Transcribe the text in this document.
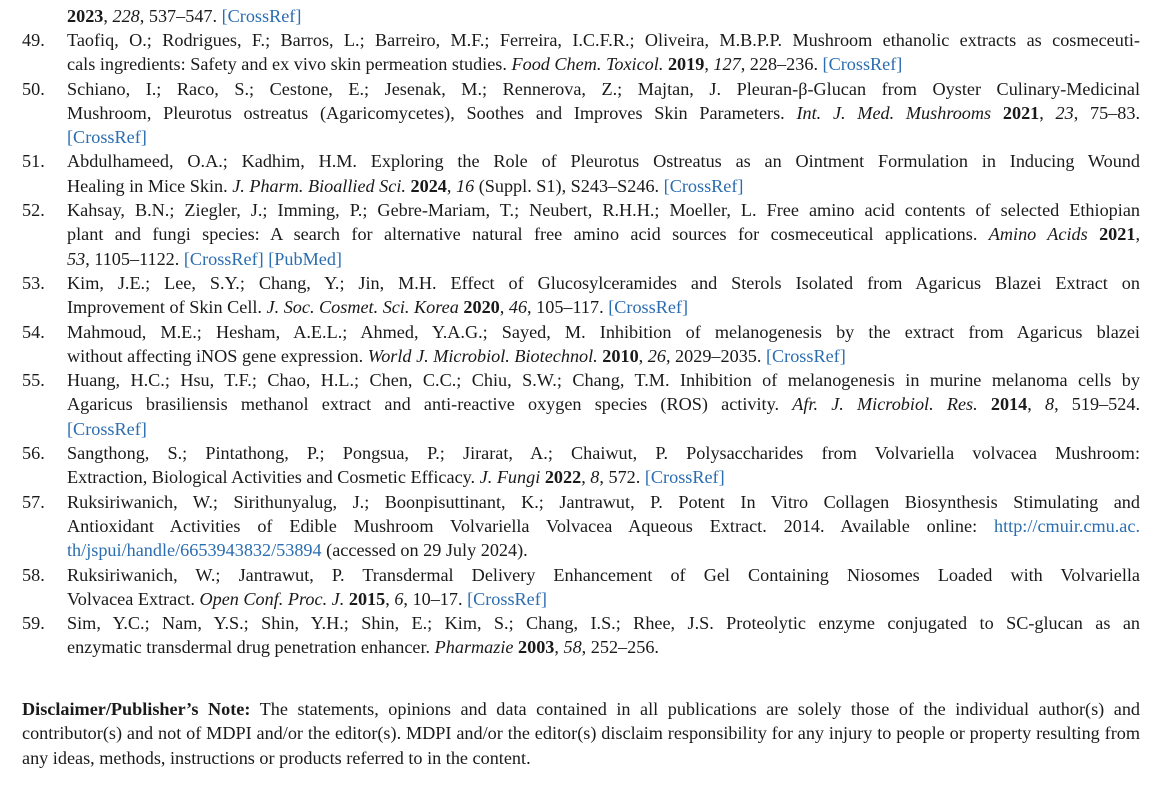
2023, 228, 537–547. [CrossRef]

49.	Taofiq, O.; Rodrigues, F.; Barros, L.; Barreiro, M.F.; Ferreira, I.C.F.R.; Oliveira, M.B.P.P. Mushroom ethanolic extracts as cosmeceuti-cals ingredients: Safety and ex vivo skin permeation studies. Food Chem. Toxicol. 2019, 127, 228–236. [CrossRef]
50.	Schiano, I.; Raco, S.; Cestone, E.; Jesenak, M.; Rennerova, Z.; Majtan, J. Pleuran-β-Glucan from Oyster Culinary-MedicinalMushroom, Pleurotus ostreatus (Agaricomycetes), Soothes and Improves Skin Parameters. Int. J. Med. Mushrooms 2021, 23, 75–83.[CrossRef]
51.	Abdulhameed, O.A.; Kadhim, H.M. Exploring the Role of Pleurotus Ostreatus as an Ointment Formulation in Inducing WoundHealing in Mice Skin. J. Pharm. Bioallied Sci. 2024, 16 (Suppl. S1), S243–S246. [CrossRef]
52.	Kahsay, B.N.; Ziegler, J.; Imming, P.; Gebre-Mariam, T.; Neubert, R.H.H.; Moeller, L. Free amino acid contents of selected Ethiopianplant and fungi species: A search for alternative natural free amino acid sources for cosmeceutical applications. Amino Acids 2021,53, 1105–1122. [CrossRef] [PubMed]
53.	Kim, J.E.; Lee, S.Y.; Chang, Y.; Jin, M.H. Effect of Glucosylceramides and Sterols Isolated from Agaricus Blazei Extract onImprovement of Skin Cell. J. Soc. Cosmet. Sci. Korea 2020, 46, 105–117. [CrossRef]
54.	Mahmoud, M.E.; Hesham, A.E.L.; Ahmed, Y.A.G.; Sayed, M. Inhibition of melanogenesis by the extract from Agaricus blazeiwithout affecting iNOS gene expression. World J. Microbiol. Biotechnol. 2010, 26, 2029–2035. [CrossRef]
55.	Huang, H.C.; Hsu, T.F.; Chao, H.L.; Chen, C.C.; Chiu, S.W.; Chang, T.M. Inhibition of melanogenesis in murine melanoma cells byAgaricus brasiliensis methanol extract and anti-reactive oxygen species (ROS) activity. Afr. J. Microbiol. Res. 2014, 8, 519–524.[CrossRef]
56.	Sangthong, S.; Pintathong, P.; Pongsua, P.; Jirarat, A.; Chaiwut, P. Polysaccharides from Volvariella volvacea Mushroom:Extraction, Biological Activities and Cosmetic Efficacy. J. Fungi 2022, 8, 572. [CrossRef]
57.	Ruksiriwanich, W.; Sirithunyalug, J.; Boonpisuttinant, K.; Jantrawut, P. Potent In Vitro Collagen Biosynthesis Stimulating andAntioxidant Activities of Edible Mushroom Volvariella Volvacea Aqueous Extract. 2014. Available online: http://cmuir.cmu.ac.th/jspui/handle/6653943832/53894 (accessed on 29 July 2024).
58.	Ruksiriwanich, W.; Jantrawut, P. Transdermal Delivery Enhancement of Gel Containing Niosomes Loaded with VolvariellaVolvacea Extract. Open Conf. Proc. J. 2015, 6, 10–17. [CrossRef]
59.	Sim, Y.C.; Nam, Y.S.; Shin, Y.H.; Shin, E.; Kim, S.; Chang, I.S.; Rhee, J.S. Proteolytic enzyme conjugated to SC-glucan as anenzymatic transdermal drug penetration enhancer. Pharmazie 2003, 58, 252–256.

Disclaimer/Publisher’s Note: The statements, opinions and data contained in all publications are solely those of the individual author(s) and contributor(s) and not of MDPI and/or the editor(s). MDPI and/or the editor(s) disclaim responsibility for any injury to people or property resulting from any ideas, methods, instructions or products referred to in the content.
